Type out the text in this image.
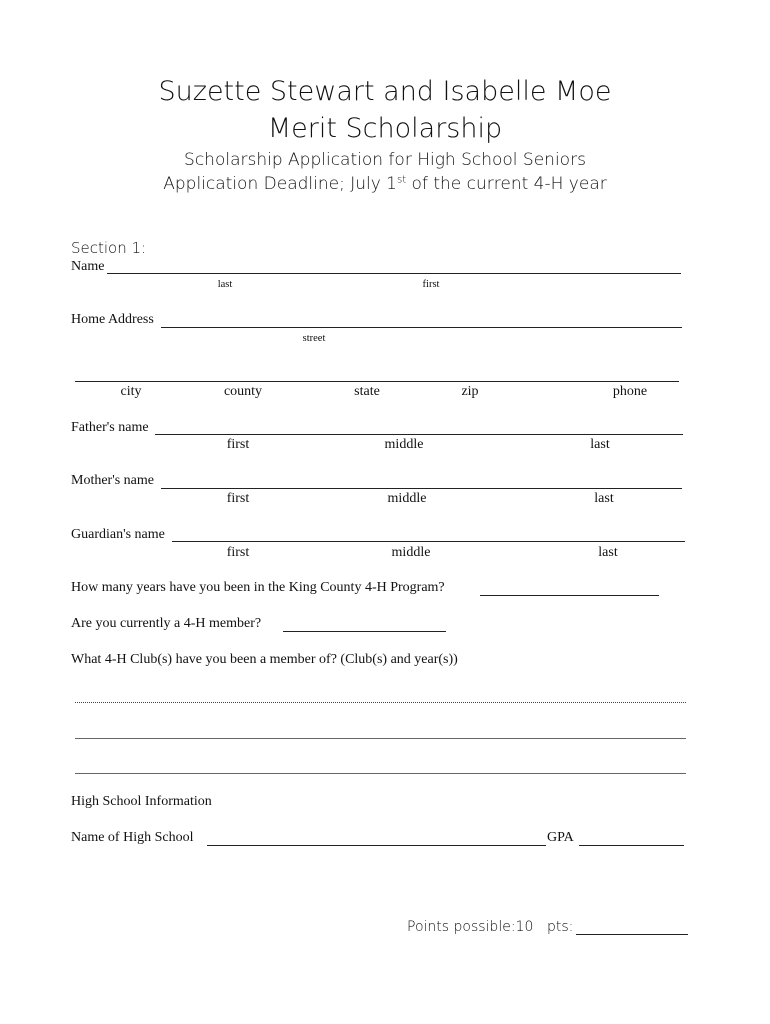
Suzette Stewart and Isabelle Moe
Merit Scholarship
Scholarship Application for High School Seniors
Application Deadline; July 1st of the current 4-H year
Section 1:
Name
last	first
Home Address
street
city	county	state	zip	phone
Father's name
first	middle	last
Mother's name
first	middle	last
Guardian's name
first	middle	last
How many years have you been in the King County 4-H Program?
Are you currently a 4-H member?
What 4-H Club(s) have you been a member of? (Club(s) and year(s))
High School Information
Name of High School	GPA
Points possible:10 pts:
